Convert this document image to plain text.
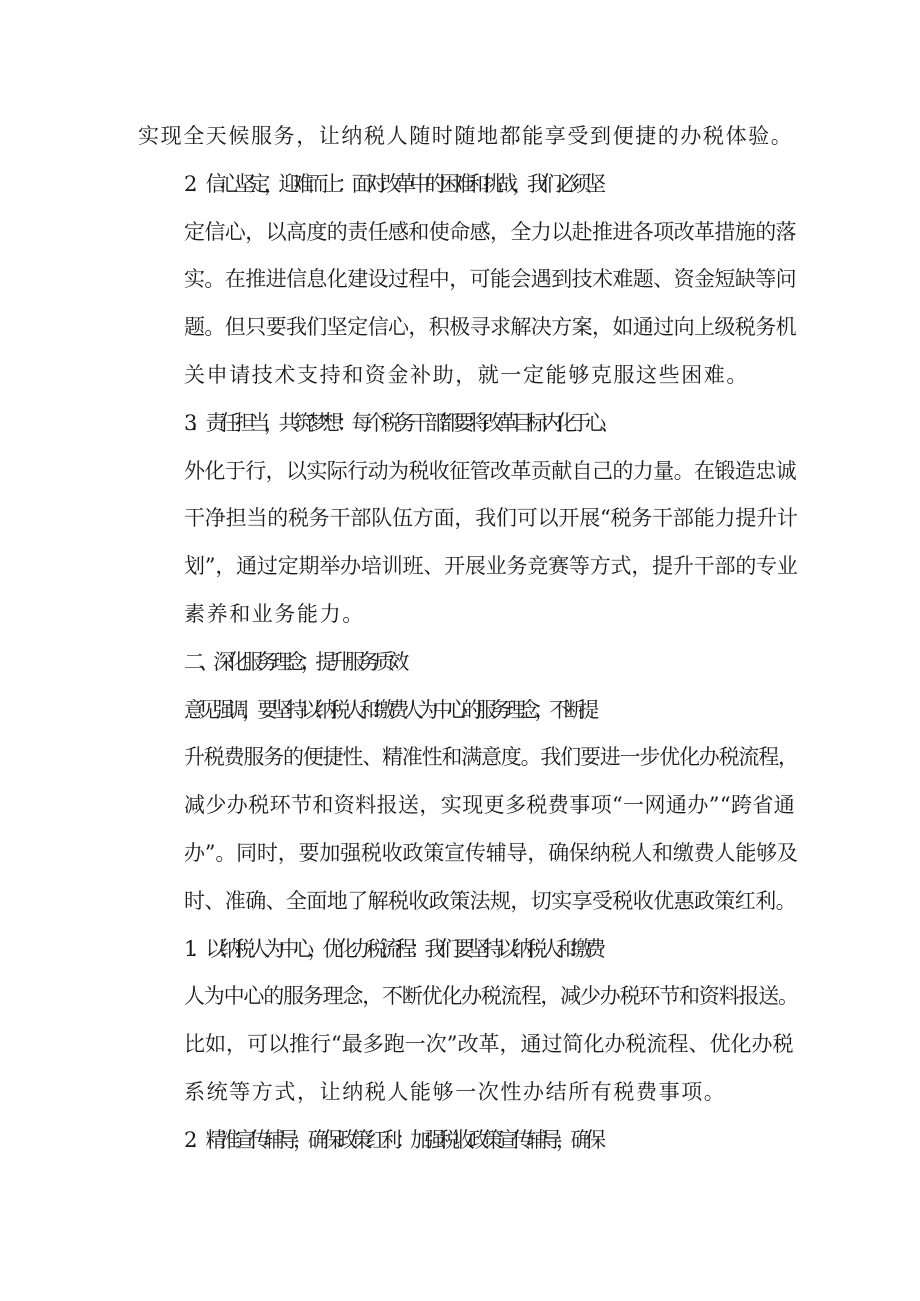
实现全天候服务，让纳税人随时随地都能享受到便捷的办税体验。
2．信心坚定，迎难而上：面对改革中的困难和挑战，我们必须坚
定信心，以高度的责任感和使命感，全力以赴推进各项改革措施的落
实。在推进信息化建设过程中，可能会遇到技术难题、资金短缺等问
题。但只要我们坚定信心，积极寻求解决方案，如通过向上级税务机
关申请技术支持和资金补助，就一定能够克服这些困难。
3．责任担当，共筑梦想：每个税务干部都要将改革目标内化于心、
外化于行，以实际行动为税收征管改革贡献自己的力量。在锻造忠诚
干净担当的税务干部队伍方面，我们可以开展“税务干部能力提升计
划”，通过定期举办培训班、开展业务竞赛等方式，提升干部的专业
素养和业务能力。
二、深化服务理念，提升服务质效
意见强调，要坚持以纳税人和缴费人为中心的服务理念，不断提
升税费服务的便捷性、精准性和满意度。我们要进一步优化办税流程，
减少办税环节和资料报送，实现更多税费事项“一网通办”“跨省通
办”。同时，要加强税收政策宣传辅导，确保纳税人和缴费人能够及
时、准确、全面地了解税收政策法规，切实享受税收优惠政策红利。
1．以纳税人为中心，优化办税流程：我们要坚持以纳税人和缴费
人为中心的服务理念，不断优化办税流程，减少办税环节和资料报送。
比如，可以推行“最多跑一次”改革，通过简化办税流程、优化办税
系统等方式，让纳税人能够一次性办结所有税费事项。
2．精准宣传辅导，确保政策红利：加强税收政策宣传辅导，确保
